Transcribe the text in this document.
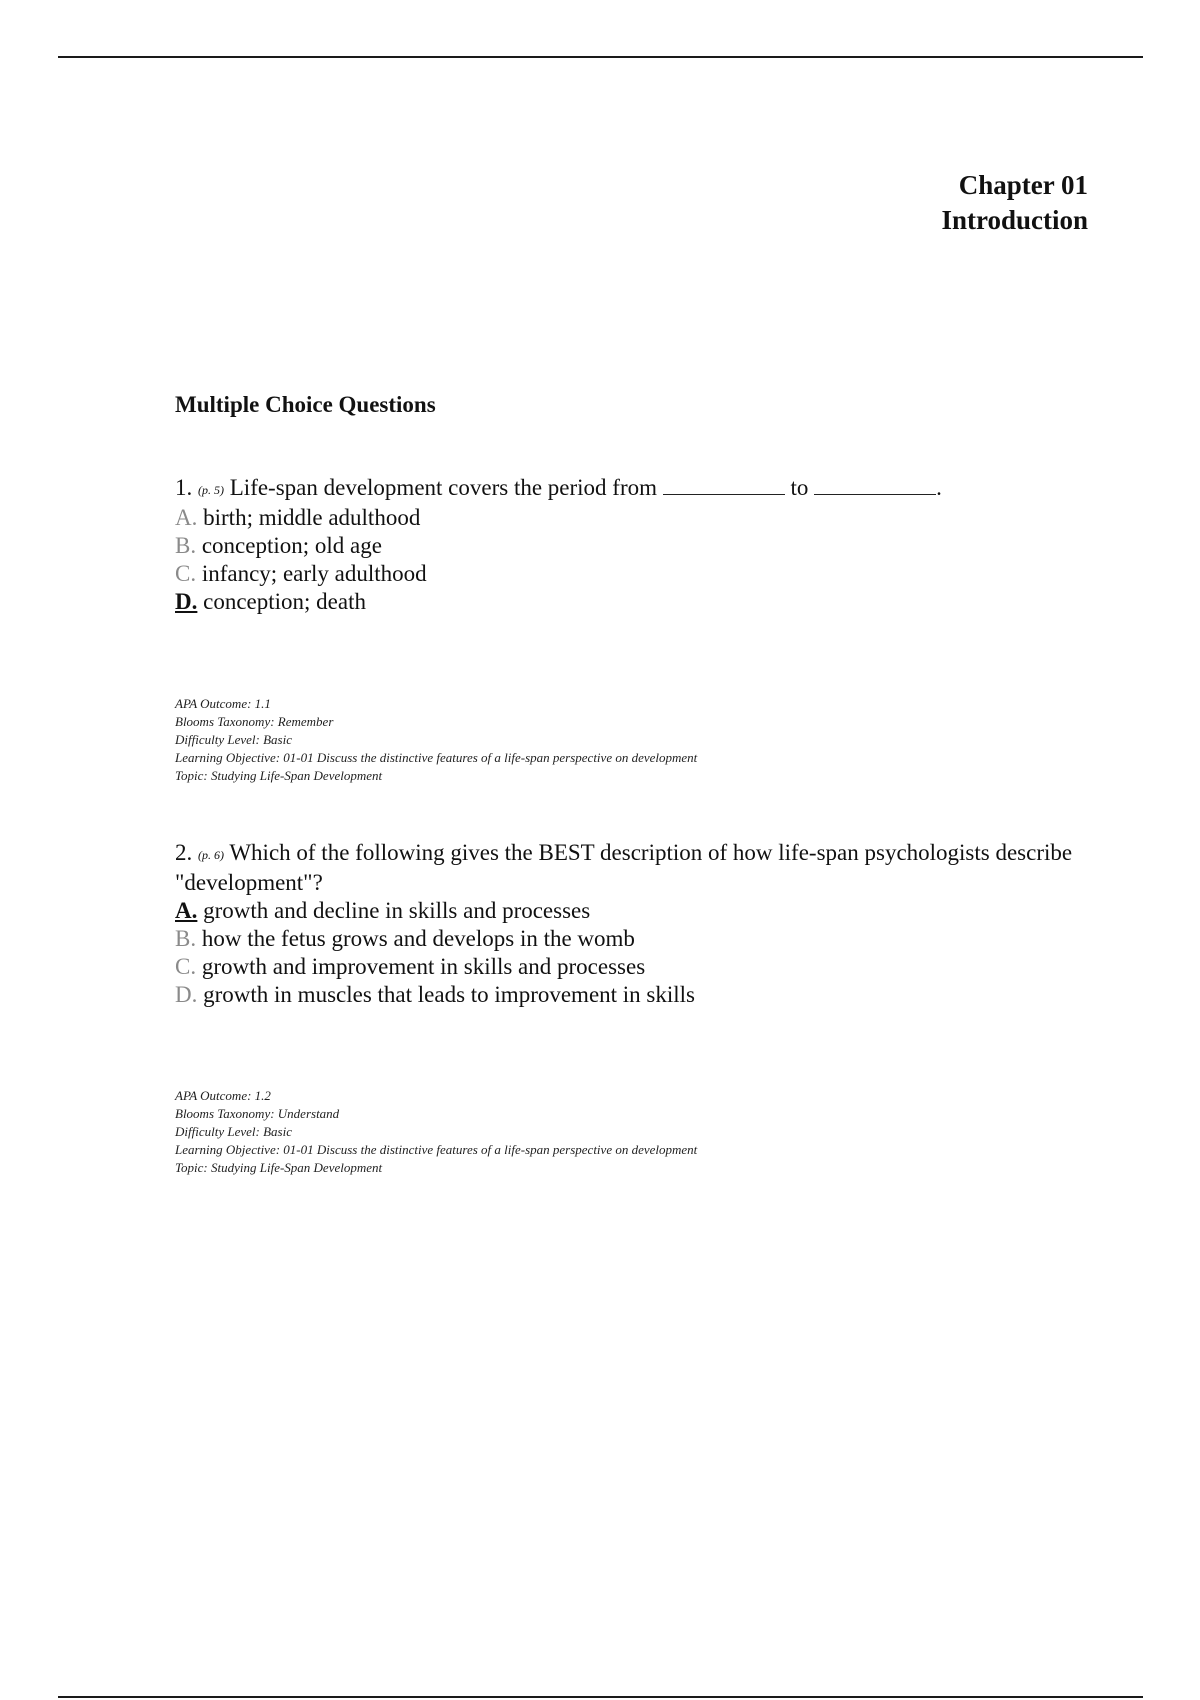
Chapter 01
Introduction
Multiple Choice Questions
1. (p. 5) Life-span development covers the period from	to	.
A. birth; middle adulthood
B. conception; old age
C. infancy; early adulthood
D. conception; death
APA Outcome: 1.1
Blooms Taxonomy: Remember
Difficulty Level: Basic
Learning Objective: 01-01 Discuss the distinctive features of a life-span perspective on development
Topic: Studying Life-Span Development
2. (p. 6) Which of the following gives the BEST description of how life-span psychologists describe "development"?
A. growth and decline in skills and processes
B. how the fetus grows and develops in the womb
C. growth and improvement in skills and processes
D. growth in muscles that leads to improvement in skills
APA Outcome: 1.2
Blooms Taxonomy: Understand
Difficulty Level: Basic
Learning Objective: 01-01 Discuss the distinctive features of a life-span perspective on development
Topic: Studying Life-Span Development
